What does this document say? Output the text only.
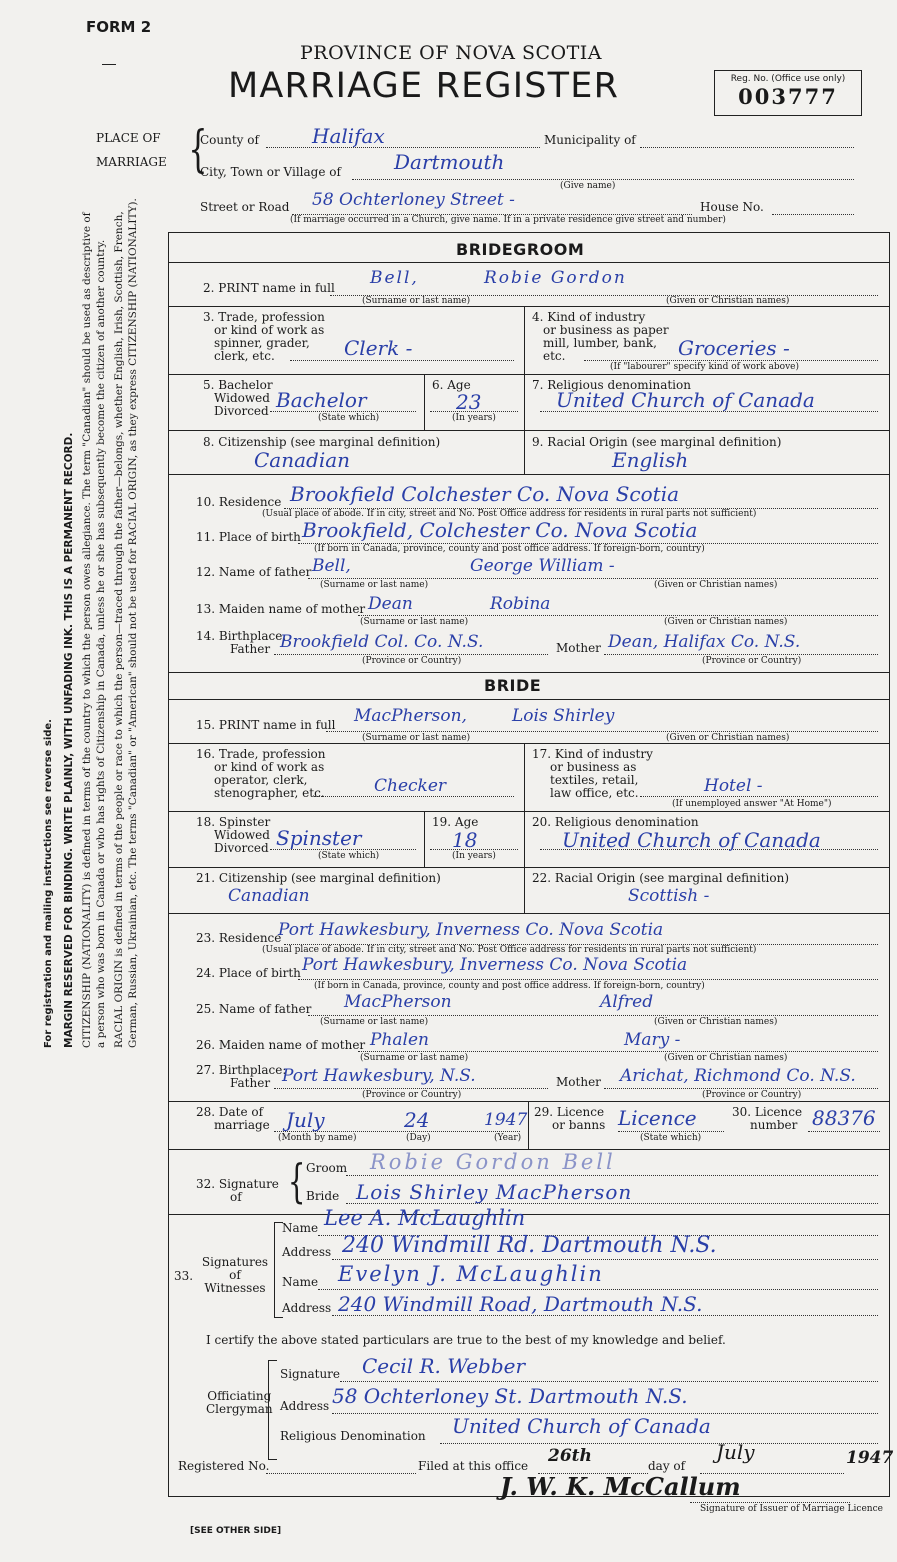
For registration and mailing instructions see reverse side. MARGIN RESERVED FOR BINDING. WRITE PLAINLY, WITH UNFADING INK. THIS IS A PERMANENT RECORD. CITIZENSHIP (NATIONALITY) is defined in terms of the country to which the person owes allegiance. The term "Canadian" should be used as descriptive of a person who was born in Canada or who has rights of Citizenship in Canada, unless he or she has subsequently become the citizen of another country. RACIAL ORIGIN is defined in terms of the people or race to which the person—traced through the father—belongs, whether English, Irish, Scottish, French, German, Russian, Ukrainian, etc. The terms "Canadian" or "American" should not be used for RACIAL ORIGIN, as they express CITIZENSHIP (NATIONALITY).
FORM 2
PROVINCE OF NOVA SCOTIA
MARRIAGE REGISTER	Reg. No. (Office use only)
003777
PLACE OF
MARRIAGE {
County of	Halifax	Municipality of
City, Town or Village of	Dartmouth
(Give name)
Street or Road 58 Ochterloney Street -	House No.
(If marriage occurred in a Church, give name. If in a private residence give street and number)
BRIDEGROOM
2. PRINT name in full Bell,	Robie Gordon
(Surname or last name)	(Given or Christian names)
3. Trade, profession
or kind of work as
spinner, grader,
clerk, etc.	Clerk -
4. Kind of industry
or business as paper
mill, lumber, bank,
etc.	Groceries -
(If "labourer" specify kind of work above)
5. Bachelor
Widowed
Divorced Bachelor
(State which)
6. Age
23
(In years)
7. Religious denomination
United Church of Canada
8. Citizenship (see marginal definition)
Canadian
9. Racial Origin (see marginal definition)
English
10. Residence Brookfield Colchester Co. Nova Scotia
(Usual place of abode. If in city, street and No. Post Office address for residents in rural parts not sufficient)
11. Place of birth Brookfield, Colchester Co. Nova Scotia
(If born in Canada, province, county and post office address. If foreign-born, country)
12. Name of father Bell,	George William -
(Surname or last name)	(Given or Christian names)
13. Maiden name of mother Dean	Robina
(Surname or last name)	(Given or Christian names)
14. Birthplace:
Father Brookfield Col. Co. N.S.
(Province or Country)
Mother Dean, Halifax Co. N.S.
(Province or Country)
BRIDE
15. PRINT name in full MacPherson,	Lois Shirley
(Surname or last name)	(Given or Christian names)
16. Trade, profession
or kind of work as
operator, clerk,
stenographer, etc.	Checker
17. Kind of industry
or business as
textiles, retail,
law office, etc.	Hotel -
(If unemployed answer "At Home")
18. Spinster
Widowed
Divorced Spinster
(State which)
19. Age
18
(In years)
20. Religious denomination
United Church of Canada
21. Citizenship (see marginal definition)
Canadian
22. Racial Origin (see marginal definition)
Scottish -
23. Residence
Port Hawkesbury, Inverness Co. Nova Scotia
(Usual place of abode. If in city, street and No. Post Office address for residents in rural parts not sufficient)
24. Place of birth Port Hawkesbury, Inverness Co. Nova Scotia
(If born in Canada, province, county and post office address. If foreign-born, country)
25. Name of father MacPherson	Alfred
(Surname or last name)	(Given or Christian names)
26. Maiden name of mother Phalen	Mary -
(Surname or last name)	(Given or Christian names)
27. Birthplace:
Father Port Hawkesbury, N.S.
(Province or Country)
Mother Arichat, Richmond Co. N.S.
(Province or Country)
28. Date of
marriage July	24	1947
(Month by name)	(Day)	(Year)
29. Licence
or banns Licence
(State which)
30. Licence
number 88376
32. Signature
of	{ Groom Robie Gordon Bell
Bride Lois Shirley MacPherson
33.
Signatures
of
Witnesses
Name Lee A. McLaughlin
Address 240 Windmill Rd. Dartmouth N.S.
Name Evelyn J. McLaughlin
Address 240 Windmill Road, Dartmouth N.S.
I certify the above stated particulars are true to the best of my knowledge and belief.
Officiating
Clergyman
Signature Cecil R. Webber
Address 58 Ochterloney St. Dartmouth N.S.
Religious Denomination United Church of Canada
Registered No.	Filed at this office 26th	day of
July	1947
J. W. K. McCallum
Signature of Issuer of Marriage Licence
[SEE OTHER SIDE]
